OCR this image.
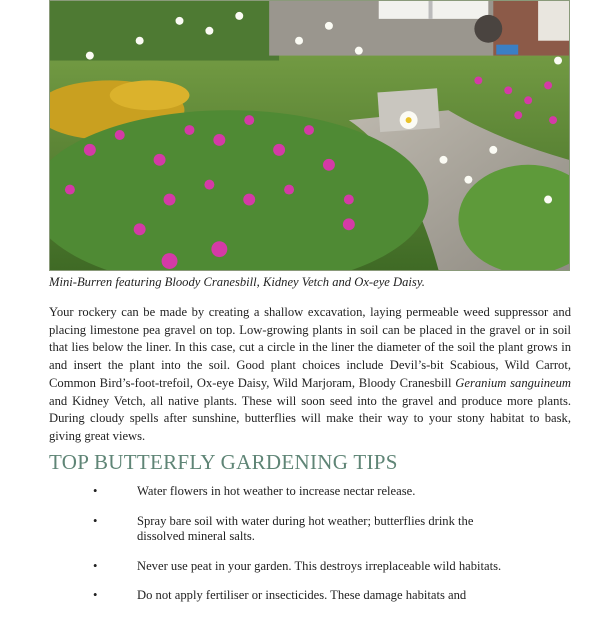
Mini-Burren featuring Bloody Cranesbill, Kidney Vetch and Ox-eye Daisy.

Your rockery can be made by creating a shallow excavation, laying permeable weed suppressor and placing limestone pea gravel on top. Low-growing plants in soil can be placed in the gravel or in soil that lies below the liner. In this case, cut a circle in the liner the diameter of the soil the plant grows in and insert the plant into the soil. Good plant choices include Devil’s-bit Scabious, Wild Carrot, Common Bird’s-foot-trefoil, Ox-eye Daisy, Wild Marjoram, Bloody Cranesbill Geranium sanguineum and Kidney Vetch, all native plants. These will soon seed into the gravel and produce more plants. During cloudy spells after sunshine, butterflies will make their way to your stony habitat to bask, giving great views.

TOP BUTTERFLY GARDENING TIPS
•	Water flowers in hot weather to increase nectar release.
•	Spray bare soil with water during hot weather; butterflies drink the dissolved mineral salts.
•	Never use peat in your garden. This destroys irreplaceable wild habitats.
•	Do not apply fertiliser or insecticides. These damage habitats and
